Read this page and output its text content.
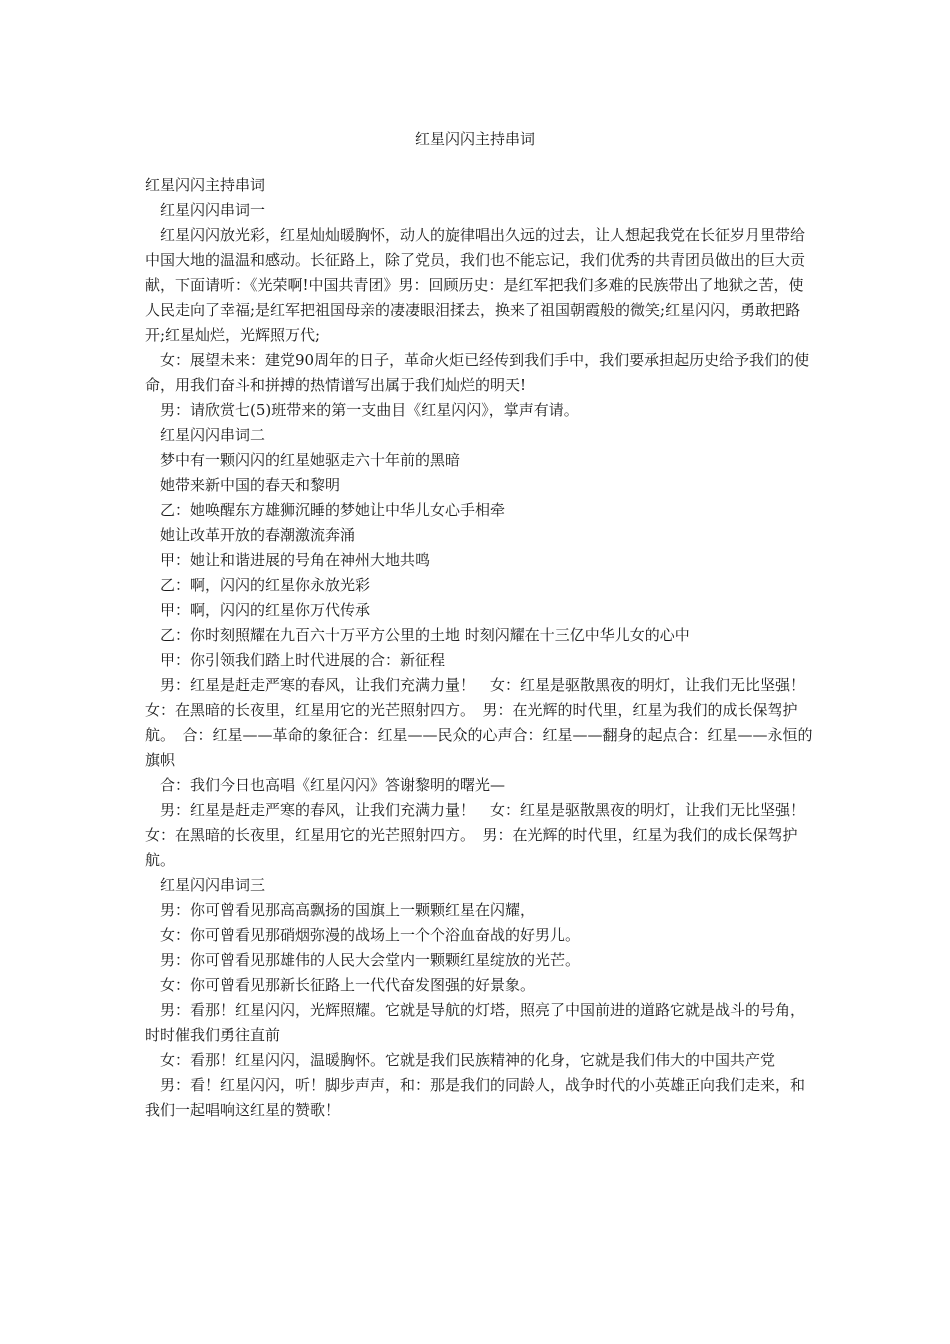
红星闪闪主持串词

红星闪闪主持串词

红星闪闪串词一

红星闪闪放光彩，红星灿灿暖胸怀，动人的旋律唱出久远的过去，让人想起我党在长征岁月里带给中国大地的温温和感动。长征路上，除了党员，我们也不能忘记，我们优秀的共青团员做出的巨大贡献，下面请听：《光荣啊!中国共青团》男：回顾历史：是红军把我们多难的民族带出了地狱之苦，使人民走向了幸福;是红军把祖国母亲的凄凄眼泪揉去，换来了祖国朝霞般的微笑;红星闪闪，勇敢把路开;红星灿烂，光辉照万代;

女：展望未来：建党90周年的日子，革命火炬已经传到我们手中，我们要承担起历史给予我们的使命，用我们奋斗和拼搏的热情谱写出属于我们灿烂的明天!

男：请欣赏七(5)班带来的第一支曲目《红星闪闪》，掌声有请。

红星闪闪串词二

梦中有一颗闪闪的红星她驱走六十年前的黑暗

她带来新中国的春天和黎明

乙：她唤醒东方雄狮沉睡的梦她让中华儿女心手相牵

她让改革开放的春潮激流奔涌

甲：她让和谐进展的号角在神州大地共鸣

乙：啊，闪闪的红星你永放光彩

甲：啊，闪闪的红星你万代传承

乙：你时刻照耀在九百六十万平方公里的土地 时刻闪耀在十三亿中华儿女的心中

甲：你引领我们踏上时代进展的合：新征程

男：红星是赶走严寒的春风，让我们充满力量！　女：红星是驱散黑夜的明灯，让我们无比坚强！　女：在黑暗的长夜里，红星用它的光芒照射四方。　男：在光辉的时代里，红星为我们的成长保驾护航。　合：红星——革命的象征合：红星——民众的心声合：红星——翻身的起点合：红星——永恒的旗帜

合：我们今日也高唱《红星闪闪》答谢黎明的曙光—

男：红星是赶走严寒的春风，让我们充满力量！　女：红星是驱散黑夜的明灯，让我们无比坚强！　女：在黑暗的长夜里，红星用它的光芒照射四方。　男：在光辉的时代里，红星为我们的成长保驾护航。

红星闪闪串词三

男：你可曾看见那高高飘扬的国旗上一颗颗红星在闪耀，

女：你可曾看见那硝烟弥漫的战场上一个个浴血奋战的好男儿。

男：你可曾看见那雄伟的人民大会堂内一颗颗红星绽放的光芒。

女：你可曾看见那新长征路上一代代奋发图强的好景象。

男：看那！红星闪闪，光辉照耀。它就是导航的灯塔，照亮了中国前进的道路它就是战斗的号角，时时催我们勇往直前

女：看那！红星闪闪，温暖胸怀。它就是我们民族精神的化身，它就是我们伟大的中国共产党

男：看！红星闪闪，听！脚步声声，和：那是我们的同龄人，战争时代的小英雄正向我们走来，和我们一起唱响这红星的赞歌！
